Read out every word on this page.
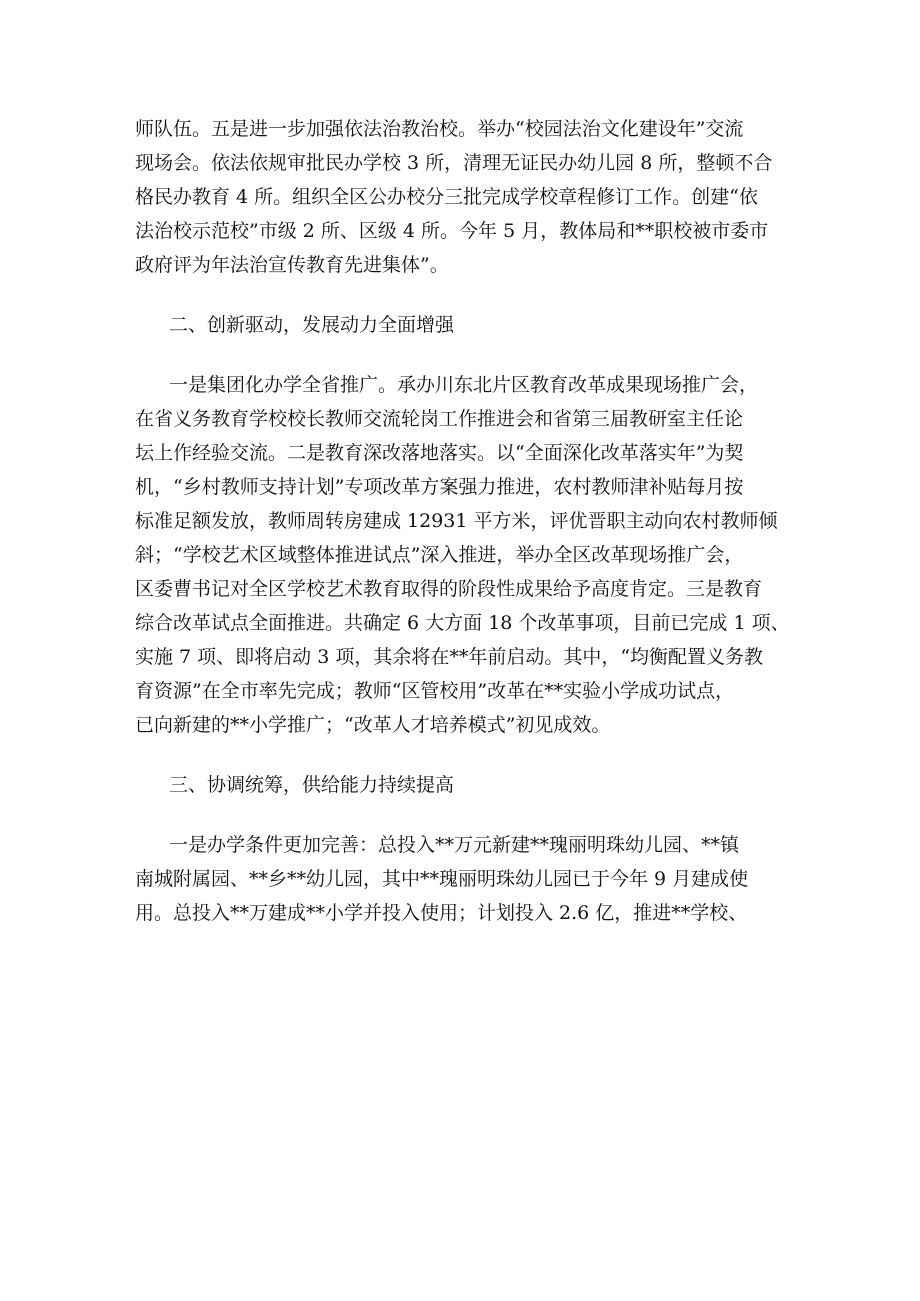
师队伍。五是进一步加强依法治教治校。举办“校园法治文化建设年”交流
现场会。依法依规审批民办学校 3 所，清理无证民办幼儿园 8 所，整顿不合
格民办教育 4 所。组织全区公办校分三批完成学校章程修订工作。创建“依
法治校示范校”市级 2 所、区级 4 所。今年 5 月，教体局和**职校被市委市
政府评为年法治宣传教育先进集体”。
二、创新驱动，发展动力全面增强
一是集团化办学全省推广。承办川东北片区教育改革成果现场推广会，
在省义务教育学校校长教师交流轮岗工作推进会和省第三届教研室主任论
坛上作经验交流。二是教育深改落地落实。以“全面深化改革落实年”为契
机，“乡村教师支持计划”专项改革方案强力推进，农村教师津补贴每月按
标准足额发放，教师周转房建成 12931 平方米，评优晋职主动向农村教师倾
斜；“学校艺术区域整体推进试点”深入推进，举办全区改革现场推广会，
区委曹书记对全区学校艺术教育取得的阶段性成果给予高度肯定。三是教育
综合改革试点全面推进。共确定 6 大方面 18 个改革事项，目前已完成 1 项、
实施 7 项、即将启动 3 项，其余将在**年前启动。其中，“均衡配置义务教
育资源”在全市率先完成；教师“区管校用”改革在**实验小学成功试点，
已向新建的**小学推广；“改革人才培养模式”初见成效。
三、协调统筹，供给能力持续提高
一是办学条件更加完善：总投入**万元新建**瑰丽明珠幼儿园、**镇
南城附属园、**乡**幼儿园，其中**瑰丽明珠幼儿园已于今年 9 月建成使
用。总投入**万建成**小学并投入使用；计划投入 2.6 亿，推进**学校、
